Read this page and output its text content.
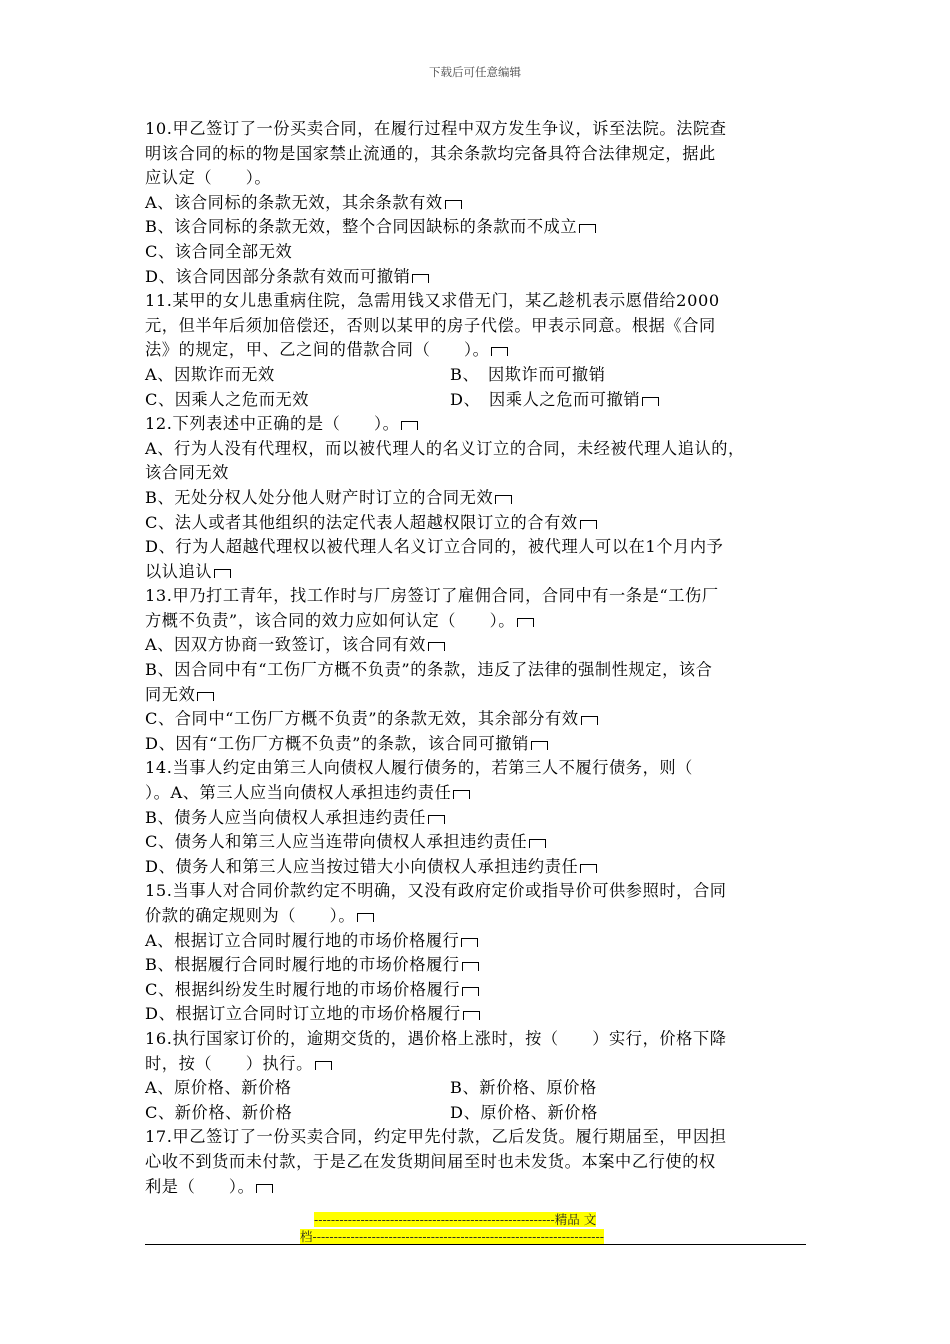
下载后可任意编辑
10.甲乙签订了一份买卖合同，在履行过程中双方发生争议，诉至法院。法院查
明该合同的标的物是国家禁止流通的，其余条款均完备具符合法律规定，据此
应认定（　　）。
A、该合同标的条款无效，其余条款有效
B、该合同标的条款无效，整个合同因缺标的条款而不成立
C、该合同全部无效
D、该合同因部分条款有效而可撤销
11.某甲的女儿患重病住院，急需用钱又求借无门，某乙趁机表示愿借给2000
元，但半年后须加倍偿还，否则以某甲的房子代偿。甲表示同意。根据《合同
法》的规定，甲、乙之间的借款合同（　　）。
A、因欺诈而无效	B、　因欺诈而可撤销
C、因乘人之危而无效	D、　因乘人之危而可撤销
12.下列表述中正确的是（　　）。
A、行为人没有代理权，而以被代理人的名义订立的合同，未经被代理人追认的，
该合同无效
B、无处分权人处分他人财产时订立的合同无效
C、法人或者其他组织的法定代表人超越权限订立的合有效
D、行为人超越代理权以被代理人名义订立合同的，被代理人可以在1个月内予
以认追认
13.甲乃打工青年，找工作时与厂房签订了雇佣合同，合同中有一条是“工伤厂
方概不负责”，该合同的效力应如何认定（　　）。
A、因双方协商一致签订，该合同有效
B、因合同中有“工伤厂方概不负责”的条款，违反了法律的强制性规定，该合
同无效
C、合同中“工伤厂方概不负责”的条款无效，其余部分有效
D、因有“工伤厂方概不负责”的条款，该合同可撤销
14.当事人约定由第三人向债权人履行债务的，若第三人不履行债务，则（
）。A、第三人应当向债权人承担违约责任
B、债务人应当向债权人承担违约责任
C、债务人和第三人应当连带向债权人承担违约责任
D、债务人和第三人应当按过错大小向债权人承担违约责任
15.当事人对合同价款约定不明确，又没有政府定价或指导价可供参照时，合同
价款的确定规则为（　　）。
A、根据订立合同时履行地的市场价格履行
B、根据履行合同时履行地的市场价格履行
C、根据纠纷发生时履行地的市场价格履行
D、根据订立合同时订立地的市场价格履行
16.执行国家订价的，逾期交货的，遇价格上涨时，按（　　）实行，价格下降
时，按（　　）执行。
A、原价格、新价格	B、新价格、原价格
C、新价格、新价格	D、原价格、新价格
17.甲乙签订了一份买卖合同，约定甲先付款，乙后发货。履行期届至，甲因担
心收不到货而未付款，于是乙在发货期间届至时也未发货。本案中乙行使的权
利是（　　）。
---------------------------------------------------------精品 文
档---------------------------------------------------------------------
